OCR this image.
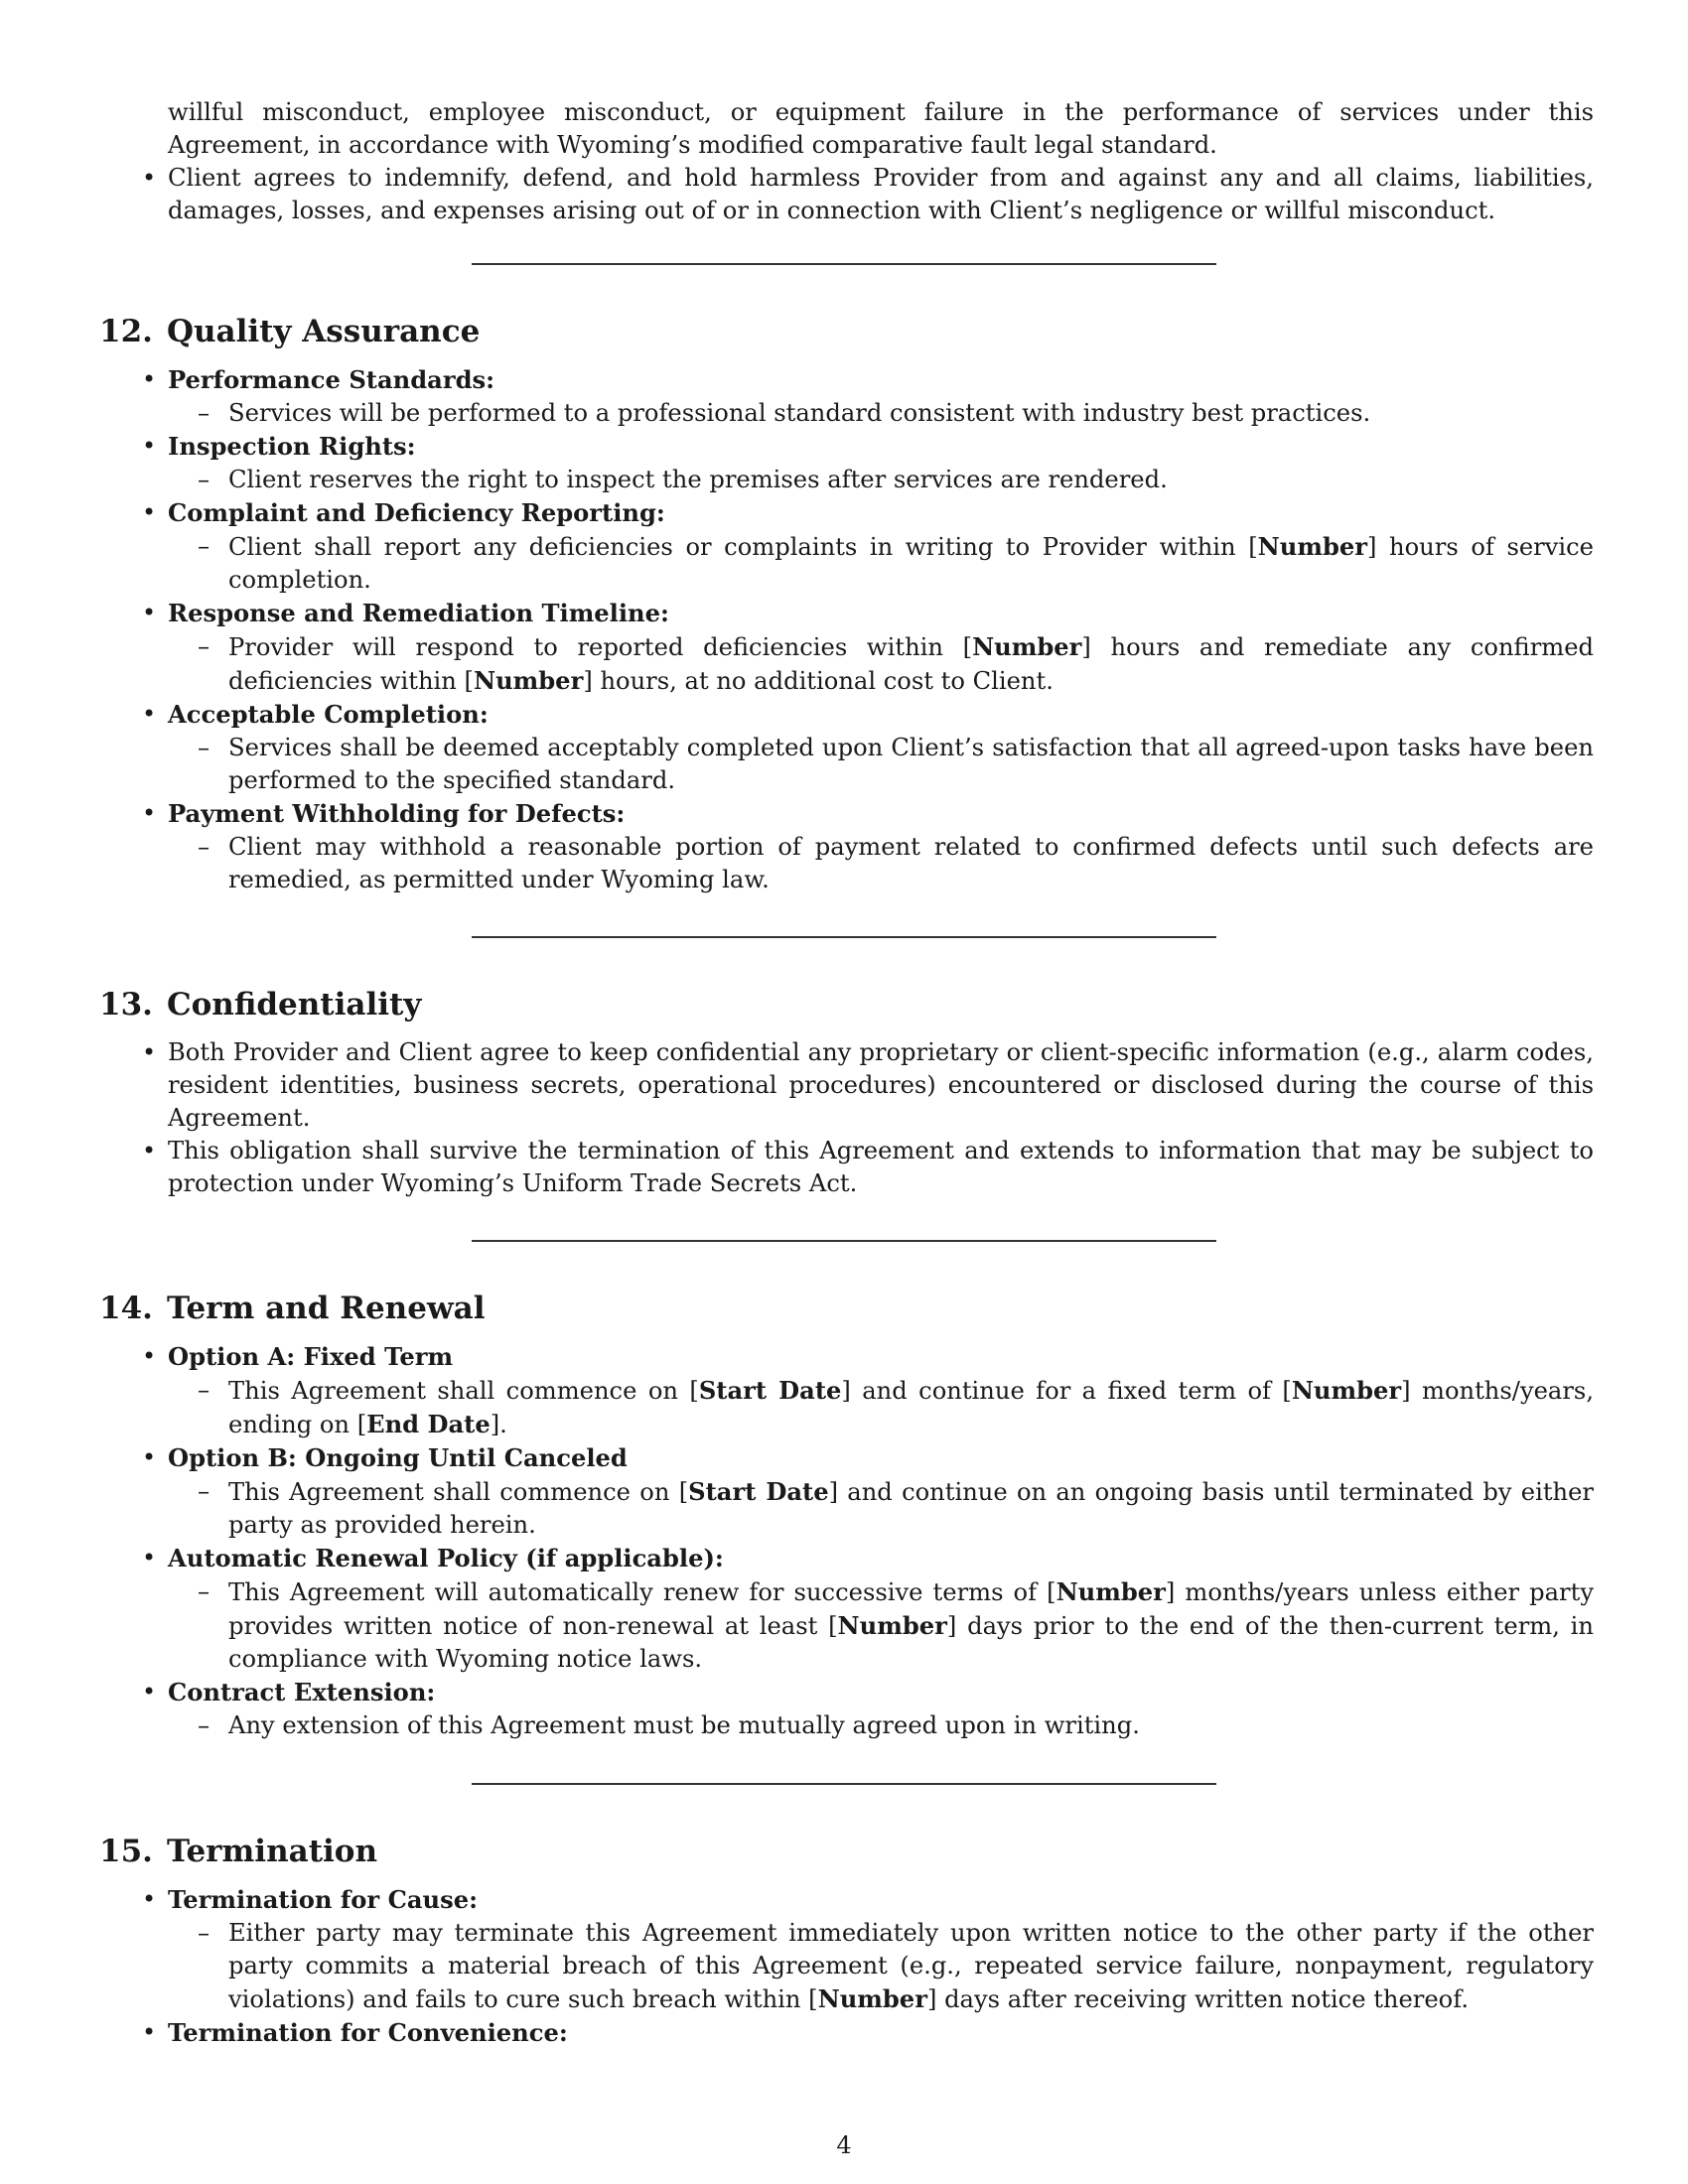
willful misconduct, employee misconduct, or equipment failure in the performance of services under this Agreement, in accordance with Wyoming’s modified comparative fault legal standard.
• Client agrees to indemnify, defend, and hold harmless Provider from and against any and all claims, liabilities, damages, losses, and expenses arising out of or in connection with Client’s negligence or willful misconduct.
12. Quality Assurance
• Performance Standards:
– Services will be performed to a professional standard consistent with industry best practices.
• Inspection Rights:
– Client reserves the right to inspect the premises after services are rendered.
• Complaint and Deficiency Reporting:
– Client shall report any deficiencies or complaints in writing to Provider within [Number] hours of service completion.
• Response and Remediation Timeline:
– Provider will respond to reported deficiencies within [Number] hours and remediate any confirmed deficiencies within [Number] hours, at no additional cost to Client.
• Acceptable Completion:
– Services shall be deemed acceptably completed upon Client’s satisfaction that all agreed-upon tasks have been performed to the specified standard.
• Payment Withholding for Defects:
– Client may withhold a reasonable portion of payment related to confirmed defects until such defects are remedied, as permitted under Wyoming law.
13. Confidentiality
• Both Provider and Client agree to keep confidential any proprietary or client-specific information (e.g., alarm codes, resident identities, business secrets, operational procedures) encountered or disclosed during the course of this Agreement.
• This obligation shall survive the termination of this Agreement and extends to information that may be subject to protection under Wyoming’s Uniform Trade Secrets Act.
14. Term and Renewal
• Option A: Fixed Term
– This Agreement shall commence on [Start Date] and continue for a fixed term of [Number] months/years, ending on [End Date].
• Option B: Ongoing Until Canceled
– This Agreement shall commence on [Start Date] and continue on an ongoing basis until terminated by either party as provided herein.
• Automatic Renewal Policy (if applicable):
– This Agreement will automatically renew for successive terms of [Number] months/years unless either party provides written notice of non-renewal at least [Number] days prior to the end of the then-current term, in compliance with Wyoming notice laws.
• Contract Extension:
– Any extension of this Agreement must be mutually agreed upon in writing.
15. Termination
• Termination for Cause:
– Either party may terminate this Agreement immediately upon written notice to the other party if the other party commits a material breach of this Agreement (e.g., repeated service failure, nonpayment, regulatory violations) and fails to cure such breach within [Number] days after receiving written notice thereof.
• Termination for Convenience:
4
